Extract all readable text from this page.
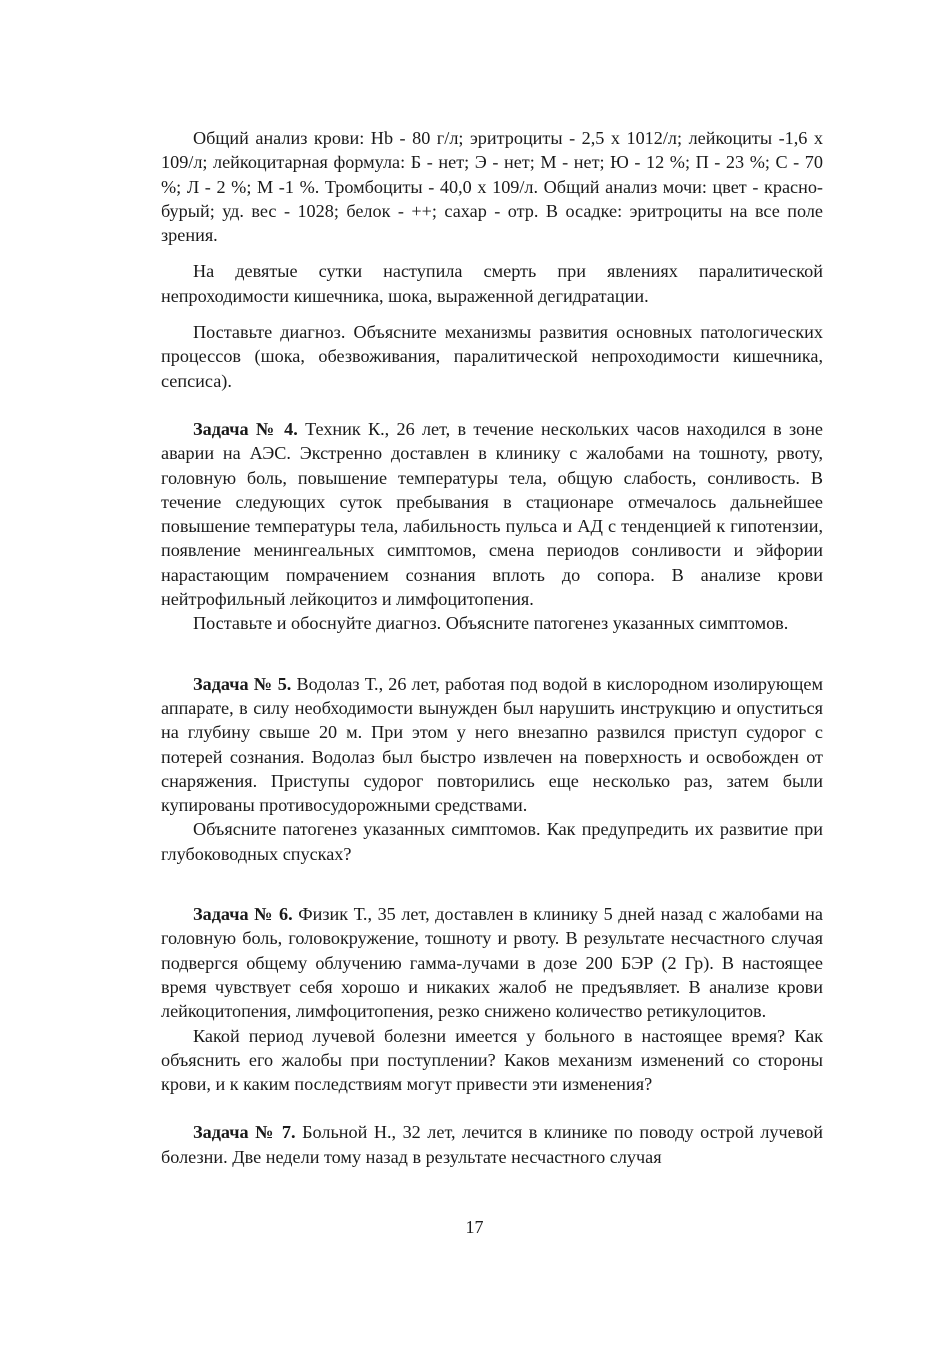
Общий анализ крови: Hb - 80 г/л; эритроциты - 2,5 х 1012/л; лейкоциты -1,6 х 109/л; лейкоцитарная формула: Б - нет; Э - нет; М - нет; Ю - 12 %; П - 23 %; С - 70 %; Л - 2 %; М -1 %. Тромбоциты - 40,0 х 109/л. Общий анализ мочи: цвет - красно-бурый; уд. вес - 1028; белок - ++; сахар - отр. В осадке: эритроциты на все поле зрения.

На девятые сутки наступила смерть при явлениях паралитической непроходимости кишечника, шока, выраженной дегидратации.

Поставьте диагноз. Объясните механизмы развития основных патологических процессов (шока, обезвоживания, паралитической непроходимости кишечника, сепсиса).

Задача № 4. Техник К., 26 лет, в течение нескольких часов находился в зоне аварии на АЭС. Экстренно доставлен в клинику с жалобами на тошноту, рвоту, головную боль, повышение температуры тела, общую слабость, сонливость. В течение следующих суток пребывания в стационаре отмечалось дальнейшее повышение температуры тела, лабильность пульса и АД с тенденцией к гипотензии, появление менингеальных симптомов, смена периодов сонливости и эйфории нарастающим помрачением сознания вплоть до сопора. В анализе крови нейтрофильный лейкоцитоз и лимфоцитопения.

Поставьте и обоснуйте диагноз. Объясните патогенез указанных симптомов.

Задача № 5. Водолаз Т., 26 лет, работая под водой в кислородном изолирующем аппарате, в силу необходимости вынужден был нарушить инструкцию и опуститься на глубину свыше 20 м. При этом у него внезапно развился приступ судорог с потерей сознания. Водолаз был быстро извлечен на поверхность и освобожден от снаряжения. Приступы судорог повторились еще несколько раз, затем были купированы противосудорожными средствами.

Объясните патогенез указанных симптомов. Как предупредить их развитие при глубоководных спусках?

Задача № 6. Физик Т., 35 лет, доставлен в клинику 5 дней назад с жалобами на головную боль, головокружение, тошноту и рвоту. В результате несчастного случая подвергся общему облучению гамма-лучами в дозе 200 БЭР (2 Гр). В настоящее время чувствует себя хорошо и никаких жалоб не предъявляет. В анализе крови лейкоцитопения, лимфоцитопения, резко снижено количество ретикулоцитов.

Какой период лучевой болезни имеется у больного в настоящее время? Как объяснить его жалобы при поступлении? Каков механизм изменений со стороны крови, и к каким последствиям могут привести эти изменения?

Задача № 7. Больной Н., 32 лет, лечится в клинике по поводу острой лучевой болезни. Две недели тому назад в результате несчастного случая

17
